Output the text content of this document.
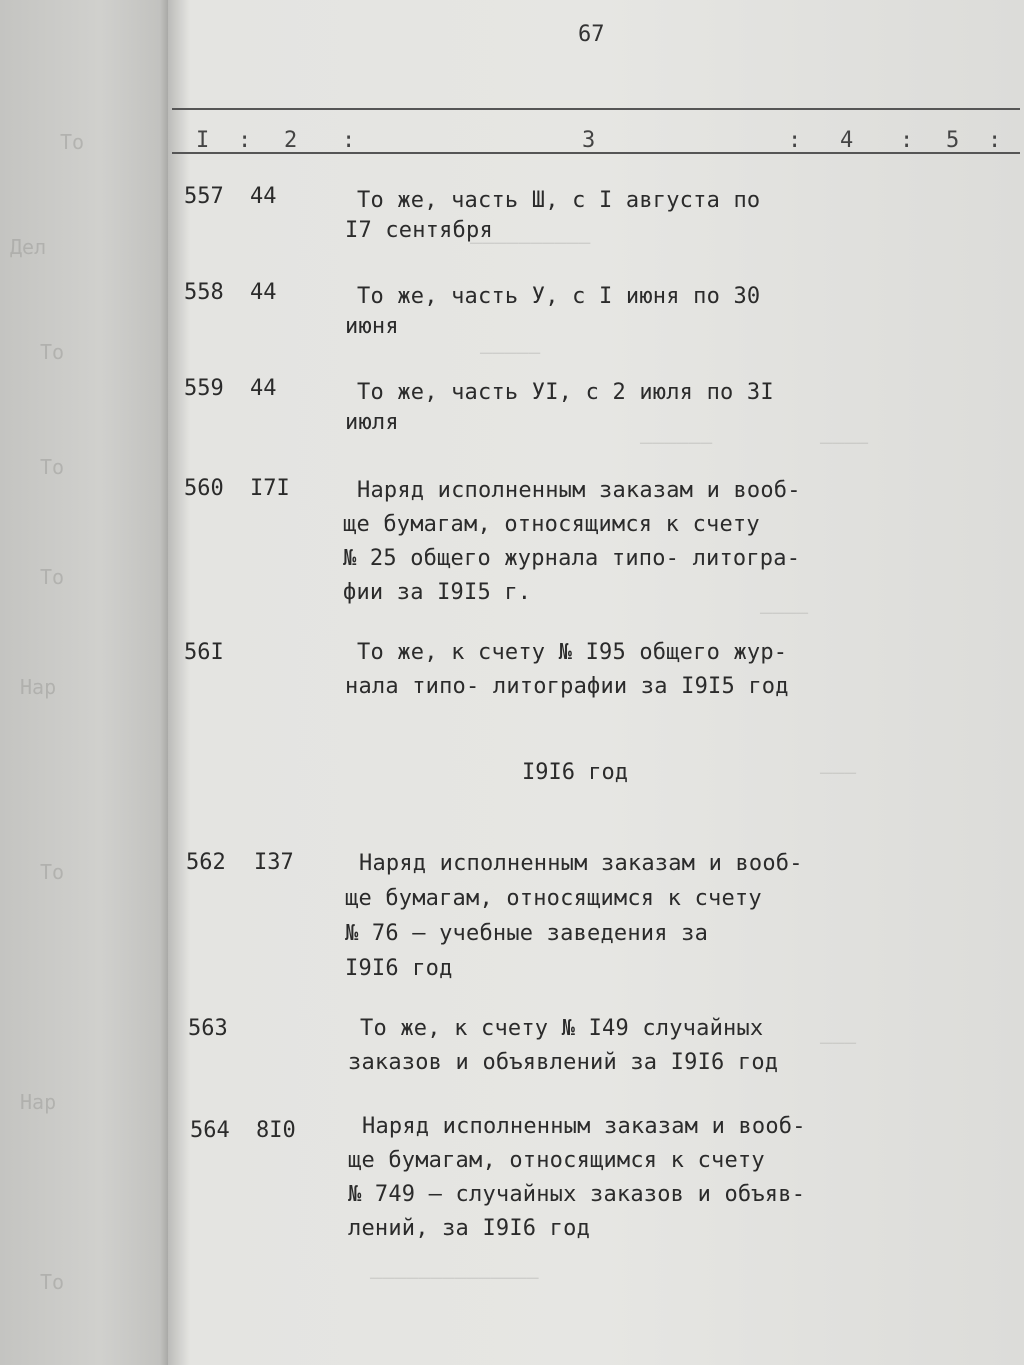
То
Дел
То
То
То
Нар
То
Нар
То
——————————
—————
——————	————
————
———
———
——————————————
67
I : 2 :	3	: 4 : 5 :
557 44	То же, часть Ш, с I августа по
I7 сентября
558 44	То же, часть У, с I июня по 30
июня
559 44	То же, часть УI, с 2 июля по 3I
июля
560 I7I	Наряд исполненным заказам и вооб-
ще бумагам, относящимся к счету
№ 25 общего журнала типо- литогра-
фии за I9I5 г.
56I	То же, к счету № I95 общего жур-
нала типо- литографии за I9I5 год
I9I6 год
562 I37	Наряд исполненным заказам и вооб-
ще бумагам, относящимся к счету
№ 76 – учебные заведения за
I9I6 год
563	То же, к счету № I49 случайных
заказов и объявлений за I9I6 год
564 8I0	Наряд исполненным заказам и вооб-
ще бумагам, относящимся к счету
№ 749 – случайных заказов и объяв-
лений, за I9I6 год
